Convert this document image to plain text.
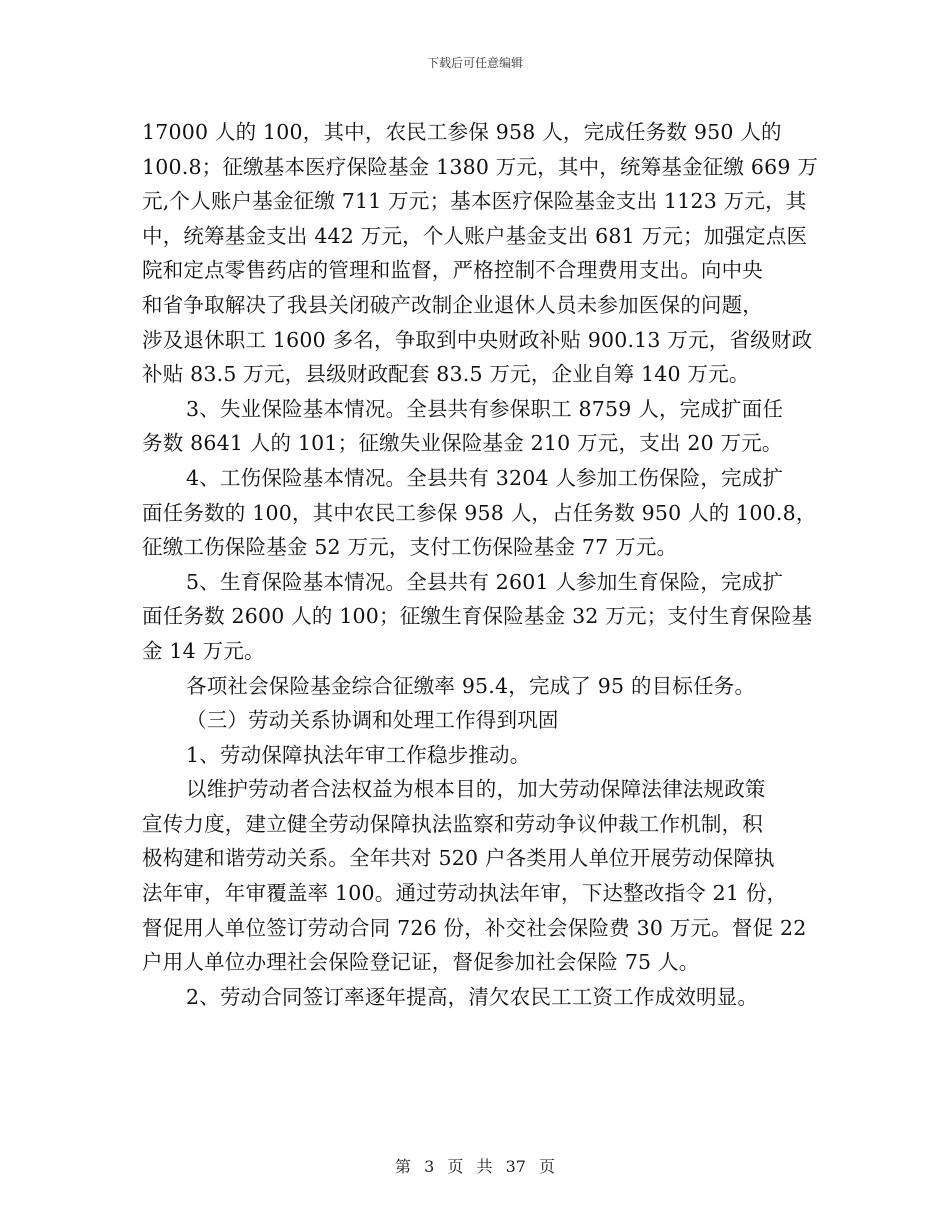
下载后可任意编辑
17000 人的 100，其中，农民工参保 958 人，完成任务数 950 人的
100.8；征缴基本医疗保险基金 1380 万元，其中，统筹基金征缴 669 万
元,个人账户基金征缴 711 万元；基本医疗保险基金支出 1123 万元，其
中，统筹基金支出 442 万元，个人账户基金支出 681 万元；加强定点医
院和定点零售药店的管理和监督，严格控制不合理费用支出。向中央
和省争取解决了我县关闭破产改制企业退休人员未参加医保的问题，
涉及退休职工 1600 多名，争取到中央财政补贴 900.13 万元，省级财政
补贴 83.5 万元，县级财政配套 83.5 万元，企业自筹 140 万元。
3、失业保险基本情况。全县共有参保职工 8759 人，完成扩面任
务数 8641 人的 101；征缴失业保险基金 210 万元，支出 20 万元。
4、工伤保险基本情况。全县共有 3204 人参加工伤保险，完成扩
面任务数的 100，其中农民工参保 958 人，占任务数 950 人的 100.8，
征缴工伤保险基金 52 万元，支付工伤保险基金 77 万元。
5、生育保险基本情况。全县共有 2601 人参加生育保险，完成扩
面任务数 2600 人的 100；征缴生育保险基金 32 万元；支付生育保险基
金 14 万元。
各项社会保险基金综合征缴率 95.4，完成了 95 的目标任务。
（三）劳动关系协调和处理工作得到巩固
1、劳动保障执法年审工作稳步推动。
以维护劳动者合法权益为根本目的，加大劳动保障法律法规政策
宣传力度，建立健全劳动保障执法监察和劳动争议仲裁工作机制，积
极构建和谐劳动关系。全年共对 520 户各类用人单位开展劳动保障执
法年审，年审覆盖率 100。通过劳动执法年审，下达整改指令 21 份，
督促用人单位签订劳动合同 726 份，补交社会保险费 30 万元。督促 22
户用人单位办理社会保险登记证，督促参加社会保险 75 人。
2、劳动合同签订率逐年提高，清欠农民工工资工作成效明显。
第 3 页 共 37 页
